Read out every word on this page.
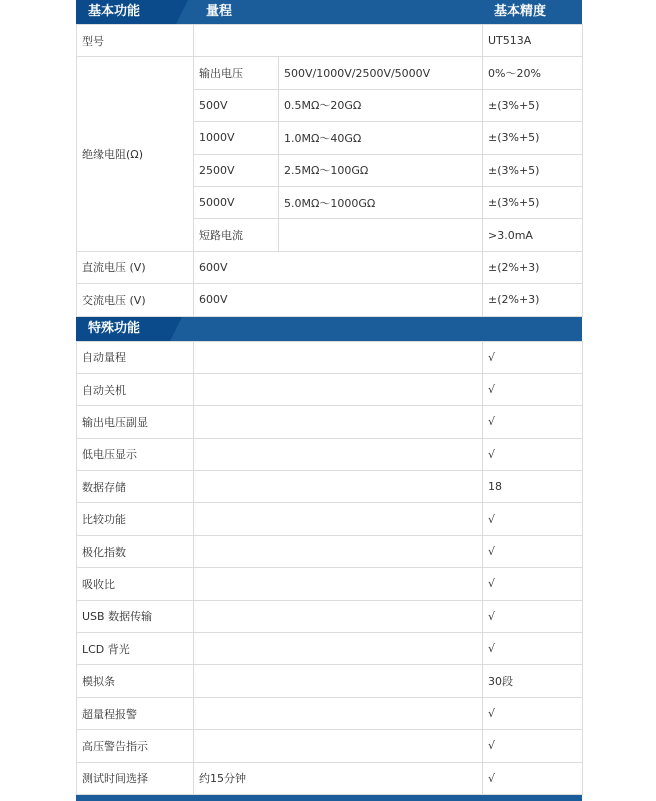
基本功能	量程	基本精度
型号			UT513A
绝缘电阻(Ω)	输出电压	500V/1000V/2500V/5000V	0%～20%
	500V	0.5MΩ～20GΩ	±(3%+5)
	1000V	1.0MΩ～40GΩ	±(3%+5)
	2500V	2.5MΩ～100GΩ	±(3%+5)
	5000V	5.0MΩ～1000GΩ	±(3%+5)
	短路电流		>3.0mA
直流电压 (V)	600V		±(2%+3)
交流电压 (V)	600V		±(2%+3)
特殊功能
自动量程		√
自动关机		√
输出电压副显		√
低电压显示		√
数据存储		18
比较功能		√
极化指数		√
吸收比		√
USB 数据传输		√
LCD 背光		√
模拟条		30段
超量程报警		√
高压警告指示		√
测试时间选择	约15分钟	√
